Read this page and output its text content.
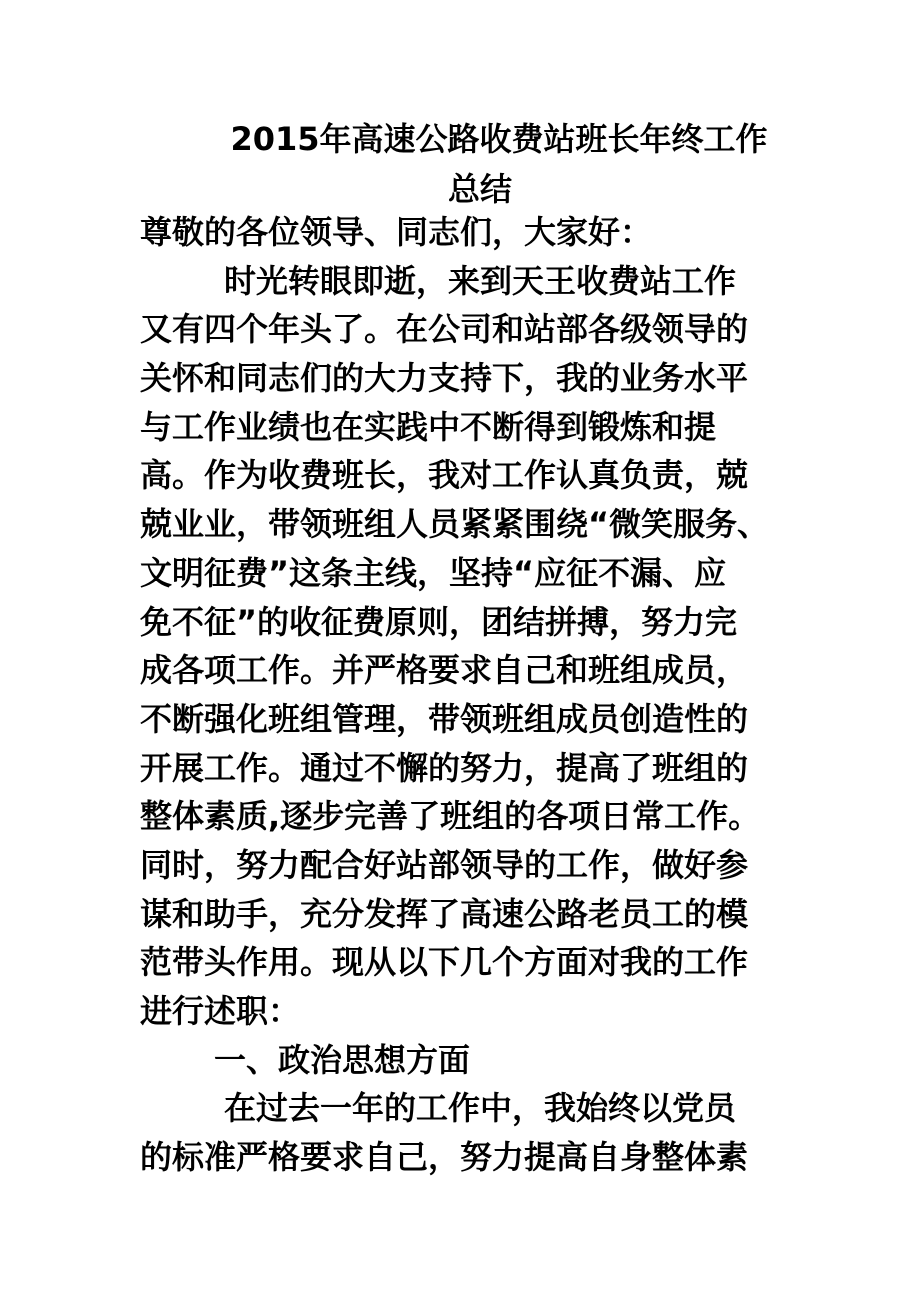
2015年高速公路收费站班长年终工作
总结
尊敬的各位领导、同志们，大家好：
时光转眼即逝，来到天王收费站工作
又有四个年头了。在公司和站部各级领导的
关怀和同志们的大力支持下，我的业务水平
与工作业绩也在实践中不断得到锻炼和提
高。作为收费班长，我对工作认真负责，兢
兢业业，带领班组人员紧紧围绕“微笑服务、
文明征费”这条主线，坚持“应征不漏、应
免不征”的收征费原则，团结拼搏，努力完
成各项工作。并严格要求自己和班组成员，
不断强化班组管理，带领班组成员创造性的
开展工作。通过不懈的努力，提高了班组的
整体素质,逐步完善了班组的各项日常工作。
同时，努力配合好站部领导的工作，做好参
谋和助手，充分发挥了高速公路老员工的模
范带头作用。现从以下几个方面对我的工作
进行述职：
一、政治思想方面
在过去一年的工作中，我始终以党员
的标准严格要求自己，努力提高自身整体素
